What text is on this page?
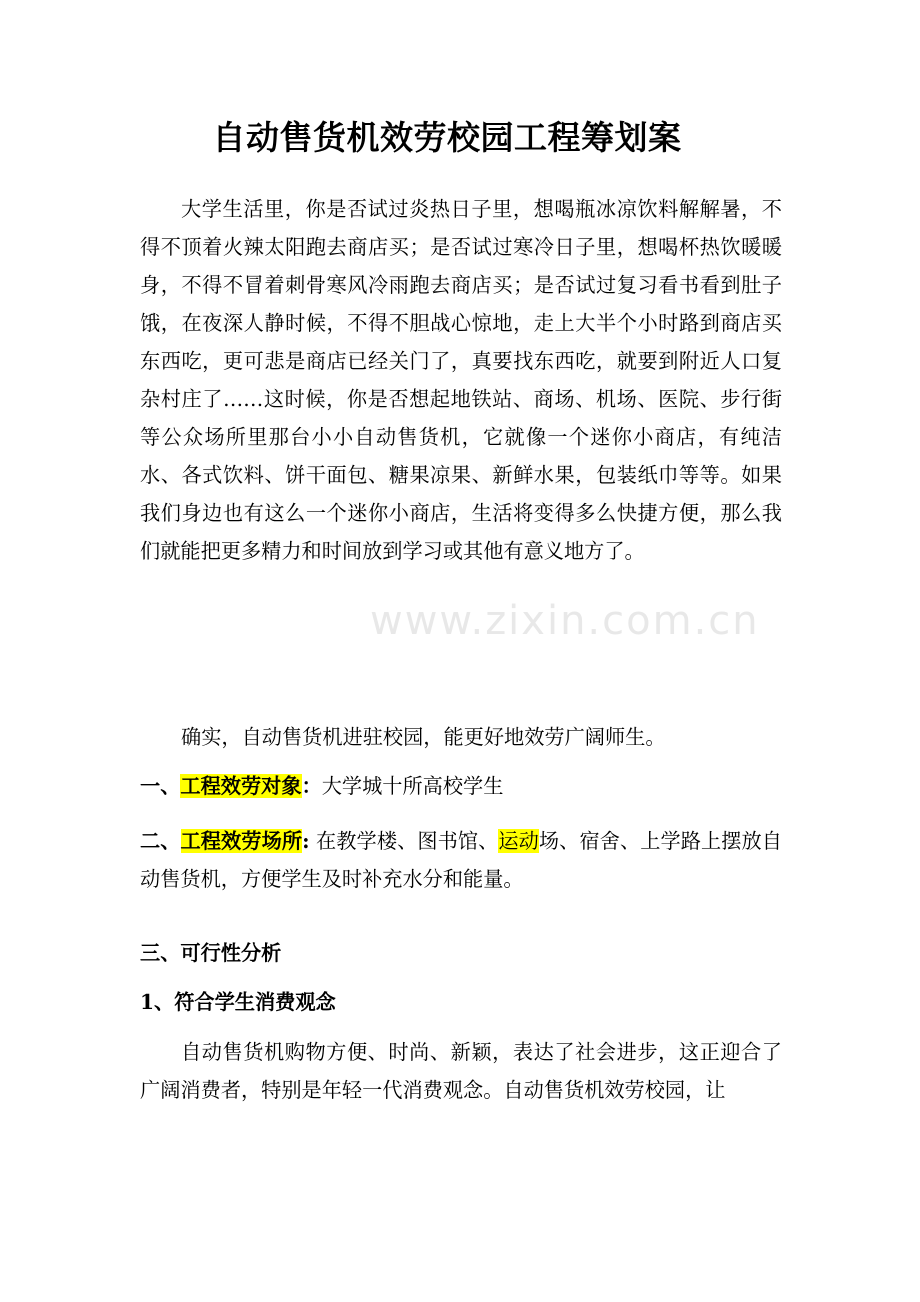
自动售货机效劳校园工程筹划案

大学生活里，你是否试过炎热日子里，想喝瓶冰凉饮料解解暑，不得不顶着火辣太阳跑去商店买；是否试过寒冷日子里，想喝杯热饮暖暖身，不得不冒着刺骨寒风冷雨跑去商店买；是否试过复习看书看到肚子饿，在夜深人静时候，不得不胆战心惊地，走上大半个小时路到商店买东西吃，更可悲是商店已经关门了，真要找东西吃，就要到附近人口复杂村庄了……这时候，你是否想起地铁站、商场、机场、医院、步行街等公众场所里那台小小自动售货机，它就像一个迷你小商店，有纯洁水、各式饮料、饼干面包、糖果凉果、新鲜水果，包装纸巾等等。如果我们身边也有这么一个迷你小商店，生活将变得多么快捷方便，那么我们就能把更多精力和时间放到学习或其他有意义地方了。

确实，自动售货机进驻校园，能更好地效劳广阔师生。

一、工程效劳对象：大学城十所高校学生

二、工程效劳场所: 在教学楼、图书馆、运动场、宿舍、上学路上摆放自动售货机，方便学生及时补充水分和能量。

三、可行性分析

1、符合学生消费观念

自动售货机购物方便、时尚、新颖，表达了社会进步，这正迎合了广阔消费者，特别是年轻一代消费观念。自动售货机效劳校园，让

www.zixin.com.cn
